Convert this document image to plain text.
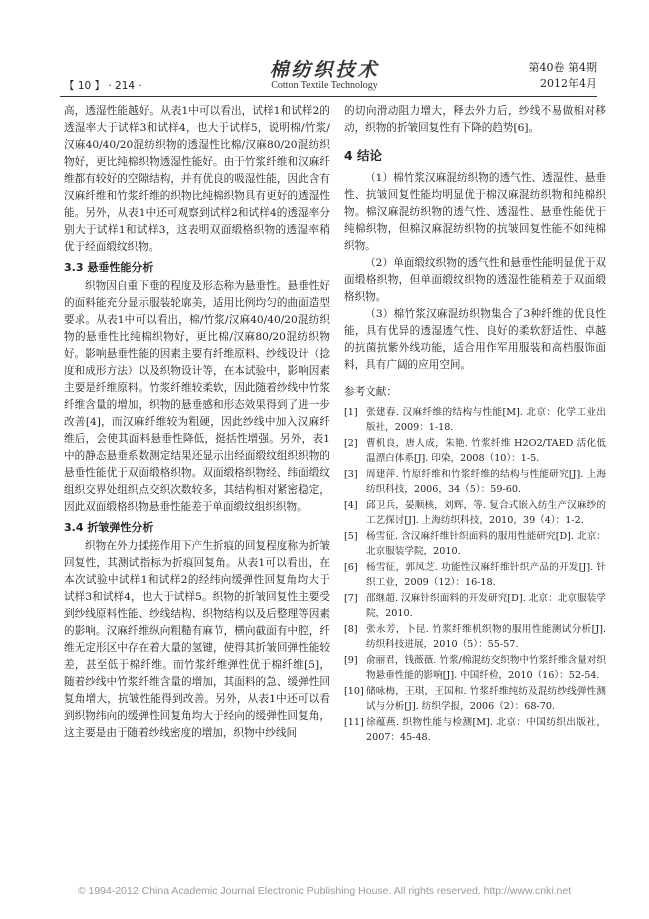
【 10 】 · 214 ·
棉纺织技术
Cotton Textile Technology
第40卷 第4期
2012年4月

高，透湿性能越好。从表1中可以看出，试样1和试样2的透湿率大于试样3和试样4，也大于试样5，说明棉/竹浆/汉麻40/40/20混纺织物的透湿性比棉/汉麻80/20混纺织物好，更比纯棉织物透湿性能好。由于竹浆纤维和汉麻纤维都有较好的空隙结构，并有优良的吸湿性能，因此含有汉麻纤维和竹浆纤维的织物比纯棉织物具有更好的透湿性能。另外，从表1中还可观察到试样2和试样4的透湿率分别大于试样1和试样3，这表明双面缎格织物的透湿率稍优于经面缎纹织物。

3.3 悬垂性能分析

织物因自重下垂的程度及形态称为悬垂性。悬垂性好的面料能充分显示服装轮廓美，适用比例均匀的曲面造型要求。从表1中可以看出，棉/竹浆/汉麻40/40/20混纺织物的悬垂性比纯棉织物好，更比棉/汉麻80/20混纺织物好。影响悬垂性能的因素主要有纤维原料、纱线设计（捻度和成形方法）以及织物设计等，在本试验中，影响因素主要是纤维原料。竹浆纤维较柔软，因此随着纱线中竹浆纤维含量的增加，织物的悬垂感和形态效果得到了进一步改善[4]，而汉麻纤维较为粗硬，因此纱线中加入汉麻纤维后，会使其面料悬垂性降低，挺括性增强。另外，表1中的静态悬垂系数测定结果还显示出经面缎纹组织织物的悬垂性能优于双面缎格织物。双面缎格织物经、纬面缎纹组织交界处组织点交织次数较多，其结构相对紧密稳定，因此双面缎格织物悬垂性能差于单面缎纹组织织物。

3.4 折皱弹性分析

织物在外力揉搓作用下产生折痕的回复程度称为折皱回复性，其测试指标为折痕回复角。从表1可以看出，在本次试验中试样1和试样2的经纬向缓弹性回复角均大于试样3和试样4，也大于试样5。织物的折皱回复性主要受到纱线原料性能、纱线结构、织物结构以及后整理等因素的影响。汉麻纤维纵向粗糙有麻节，横向截面有中腔，纤维无定形区中存在着大量的氢键，使得其折皱回弹性能较差，甚至低于棉纤维。而竹浆纤维弹性优于棉纤维[5]，随着纱线中竹浆纤维含量的增加，其面料的急、缓弹性回复角增大，抗皱性能得到改善。另外，从表1中还可以看到织物纬向的缓弹性回复角均大于经向的缓弹性回复角，这主要是由于随着纱线密度的增加，织物中纱线间

的切向滑动阻力增大，释去外力后，纱线不易做相对移动，织物的折皱回复性有下降的趋势[6]。

4 结论

（1）棉竹浆汉麻混纺织物的透气性、透湿性、悬垂性、抗皱回复性能均明显优于棉汉麻混纺织物和纯棉织物。棉汉麻混纺织物的透气性、透湿性、悬垂性能优于纯棉织物，但棉汉麻混纺织物的抗皱回复性能不如纯棉织物。

（2）单面缎纹织物的透气性和悬垂性能明显优于双面缎格织物，但单面缎纹织物的透湿性能稍差于双面缎格织物。

（3）棉竹浆汉麻混纺织物集合了3种纤维的优良性能，具有优异的透湿透气性、良好的柔软舒适性、卓越的抗菌抗紫外线功能，适合用作军用服装和高档服饰面料，具有广阔的应用空间。

参考文献：
[1] 张建春. 汉麻纤维的结构与性能[M]. 北京：化学工业出版社，2009：1-18.
[2] 曹机良，唐人成，朱艳. 竹浆纤维 H2O2/TAED 活化低温漂白体系[J]. 印染，2008（10）：1-5.
[3] 周建萍. 竹原纤维和竹浆纤维的结构与性能研究[J]. 上海纺织科技，2006，34（5）：59-60.
[4] 邱卫兵，晏顺核，刘辉，等. 复合式嵌入纺生产汉麻纱的工艺探讨[J]. 上海纺织科技，2010，39（4）：1-2.
[5] 杨雪征. 含汉麻纤维针织面料的服用性能研究[D]. 北京：北京服装学院，2010.
[6] 杨雪征，郭凤芝. 功能性汉麻纤维针织产品的开发[J]. 针织工业，2009（12）：16-18.
[7] 邵继超. 汉麻针织面料的开发研究[D]. 北京：北京服装学院，2010.
[8] 张永芳，卜昆. 竹浆纤维机织物的服用性能测试分析[J]. 纺织科技进展，2010（5）：55-57.
[9] 俞丽君，钱薇薇. 竹浆/棉混纺交织物中竹浆纤维含量对织物悬垂性能的影响[J]. 中国纤检，2010（16）：52-54.
[10] 储咏梅，王琪，王国和. 竹浆纤维纯纺及混纺纱线弹性测试与分析[J]. 纺织学报，2006（2）：68-70.
[11] 徐蕴燕. 织物性能与检测[M]. 北京：中国纺织出版社，2007：45-48.
© 1994-2012 China Academic Journal Electronic Publishing House. All rights reserved. http://www.cnki.net
